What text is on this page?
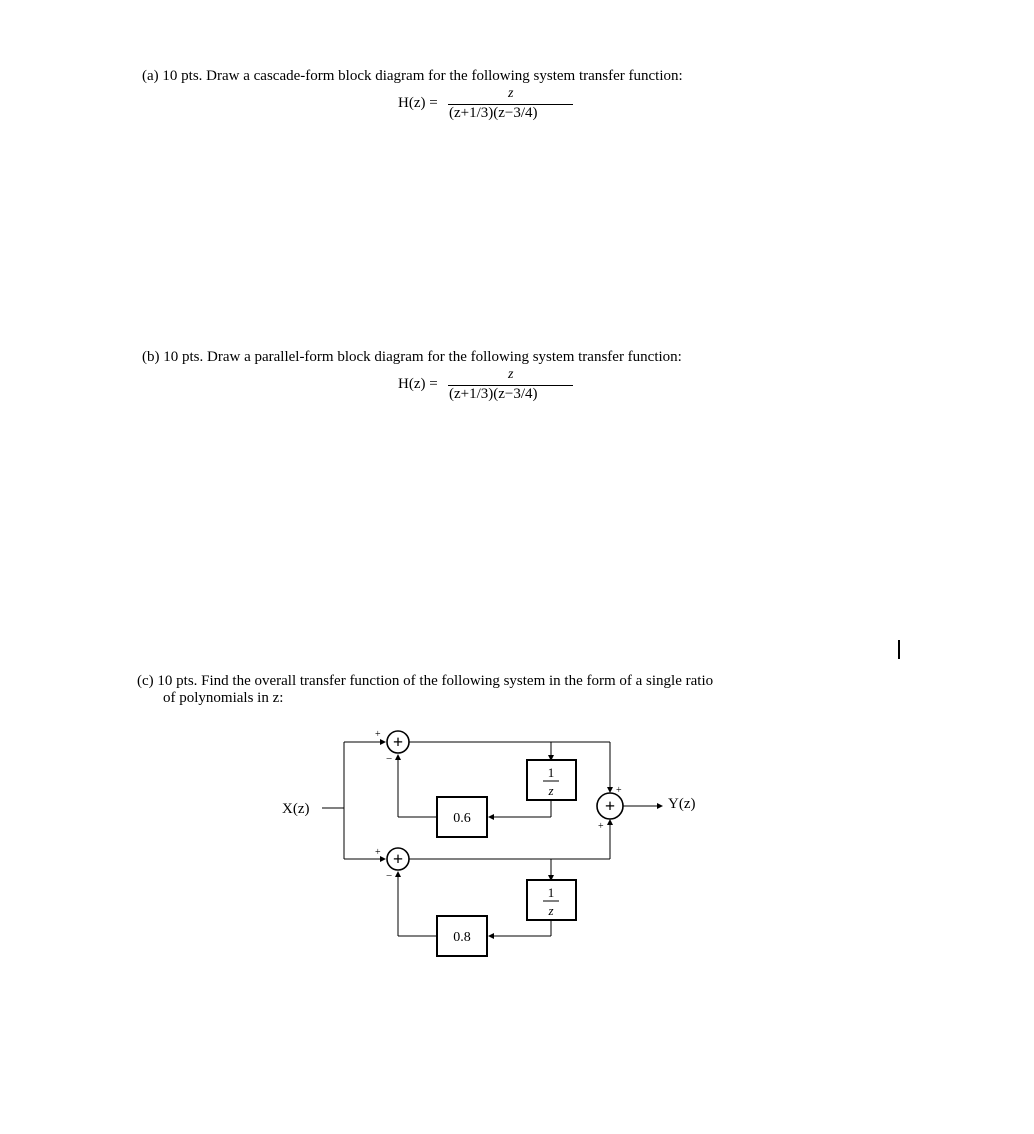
(a) 10 pts. Draw a cascade-form block diagram for the following system transfer function:
H(z) =
z
(z+1/3)(z−3/4)
(b) 10 pts. Draw a parallel-form block diagram for the following system transfer function:
H(z) =
z
(z+1/3)(z−3/4)
(c) 10 pts. Find the overall transfer function of the following system in the form of a single ratio
of polynomials in z:
+
+
+
+
−
+
−
+
+
1
z
1
z
0.6
0.8
X(z)	Y(z)
